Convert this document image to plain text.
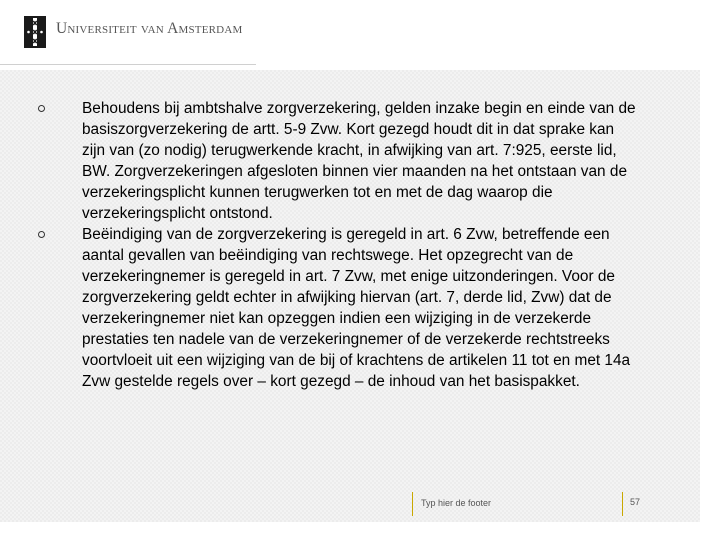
Universiteit van Amsterdam
Behoudens bij ambtshalve zorgverzekering, gelden inzake begin en einde van de basiszorgverzekering de artt. 5-9 Zvw. Kort gezegd houdt dit in dat sprake kan zijn van (zo nodig) terugwerkende kracht, in afwijking van art. 7:925, eerste lid, BW. Zorgverzekeringen afgesloten binnen vier maanden na het ontstaan van de verzekeringsplicht kunnen terugwerken tot en met de dag waarop die verzekeringsplicht ontstond.
Beëindiging van de zorgverzekering is geregeld in art. 6 Zvw, betreffende een aantal gevallen van beëindiging van rechtswege. Het opzegrecht van de verzekeringnemer is geregeld in art. 7 Zvw, met enige uitzonderingen. Voor de zorgverzekering geldt echter in afwijking hiervan (art. 7, derde lid, Zvw) dat de verzekeringnemer niet kan opzeggen indien een wijziging in de verzekerde prestaties ten nadele van de verzekeringnemer of de verzekerde rechtstreeks voortvloeit uit een wijziging van de bij of krachtens de artikelen 11 tot en met 14a Zvw gestelde regels over – kort gezegd – de inhoud van het basispakket.
Typ hier de footer	57
